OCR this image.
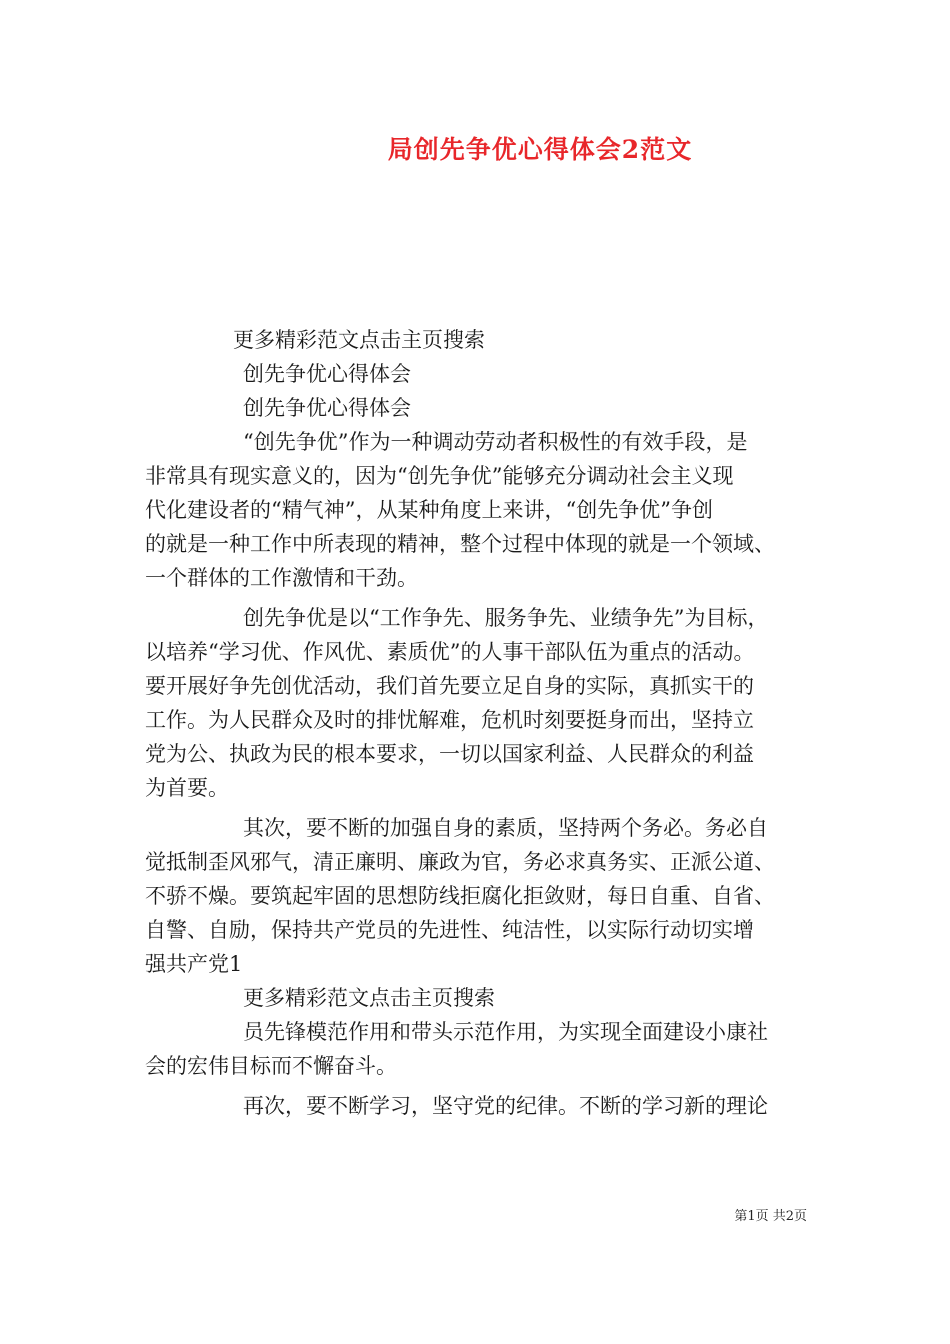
局创先争优心得体会2范文
更多精彩范文点击主页搜索
创先争优心得体会
创先争优心得体会
“创先争优”作为一种调动劳动者积极性的有效手段，是
非常具有现实意义的，因为“创先争优”能够充分调动社会主义现
代化建设者的“精气神”，从某种角度上来讲，“创先争优”争创
的就是一种工作中所表现的精神，整个过程中体现的就是一个领域、
一个群体的工作激情和干劲。
创先争优是以“工作争先、服务争先、业绩争先”为目标，
以培养“学习优、作风优、素质优”的人事干部队伍为重点的活动。
要开展好争先创优活动，我们首先要立足自身的实际，真抓实干的
工作。为人民群众及时的排忧解难，危机时刻要挺身而出，坚持立
党为公、执政为民的根本要求，一切以国家利益、人民群众的利益
为首要。
其次，要不断的加强自身的素质，坚持两个务必。务必自
觉抵制歪风邪气，清正廉明、廉政为官，务必求真务实、正派公道、
不骄不燥。要筑起牢固的思想防线拒腐化拒敛财，每日自重、自省、
自警、自励，保持共产党员的先进性、纯洁性，以实际行动切实增
强共产党1
更多精彩范文点击主页搜索
员先锋模范作用和带头示范作用，为实现全面建设小康社
会的宏伟目标而不懈奋斗。
再次，要不断学习，坚守党的纪律。不断的学习新的理论
第1页 共2页
